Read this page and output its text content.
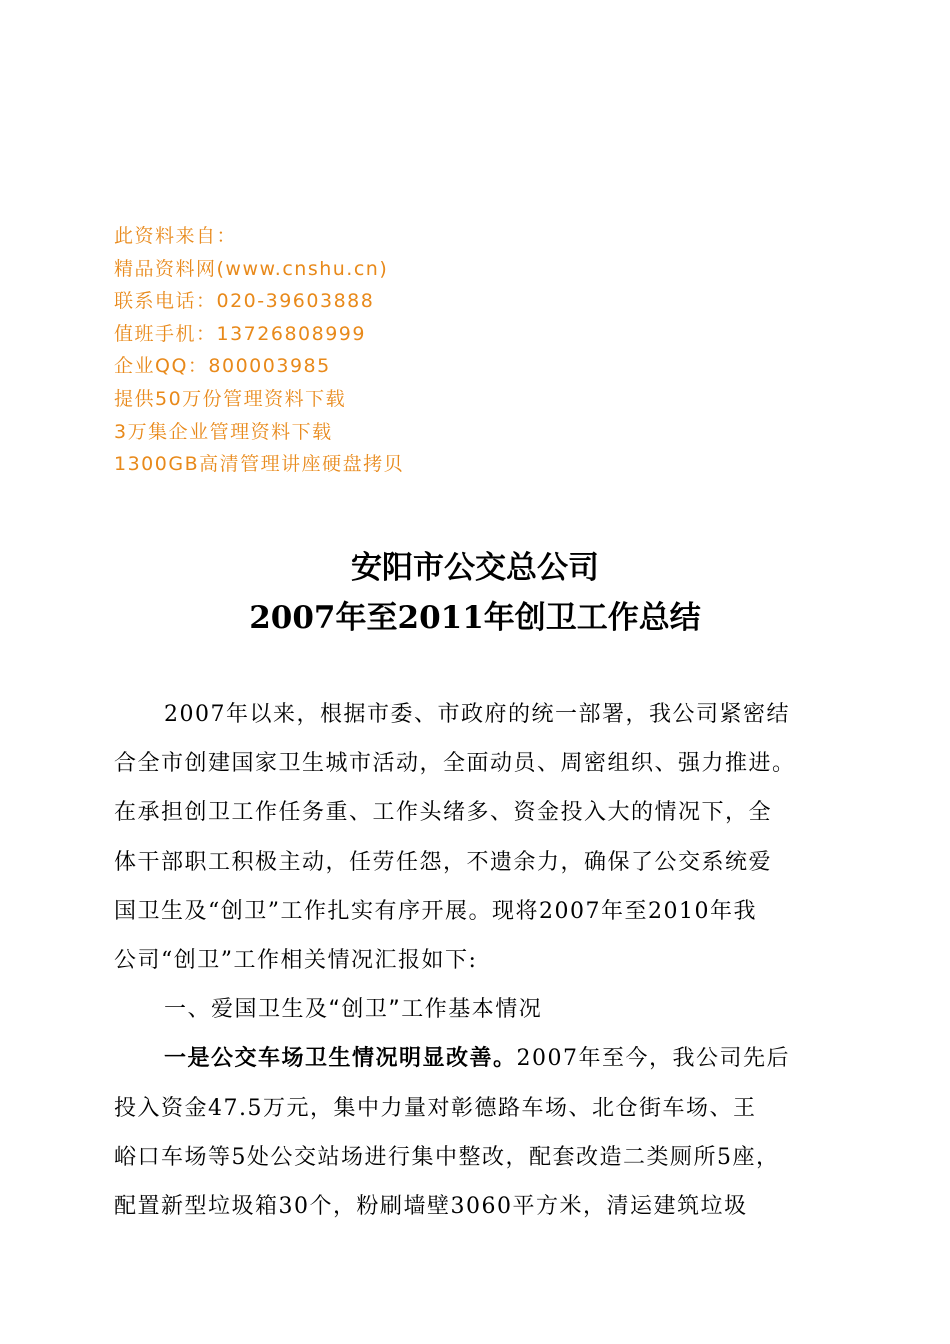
此资料来自：
精品资料网(www.cnshu.cn)
联系电话：020-39603888
值班手机：13726808999
企业QQ：800003985
提供50万份管理资料下载
3万集企业管理资料下载
1300GB高清管理讲座硬盘拷贝
安阳市公交总公司
2007年至2011年创卫工作总结
2007年以来，根据市委、市政府的统一部署，我公司紧密结
合全市创建国家卫生城市活动，全面动员、周密组织、强力推进。
在承担创卫工作任务重、工作头绪多、资金投入大的情况下，全
体干部职工积极主动，任劳任怨，不遗余力，确保了公交系统爱
国卫生及“创卫”工作扎实有序开展。现将2007年至2010年我
公司“创卫”工作相关情况汇报如下:
一、爱国卫生及“创卫”工作基本情况
一是公交车场卫生情况明显改善。2007年至今，我公司先后
投入资金47.5万元，集中力量对彰德路车场、北仓街车场、王
峪口车场等5处公交站场进行集中整改，配套改造二类厕所5座，
配置新型垃圾箱30个，粉刷墙壁3060平方米，清运建筑垃圾
